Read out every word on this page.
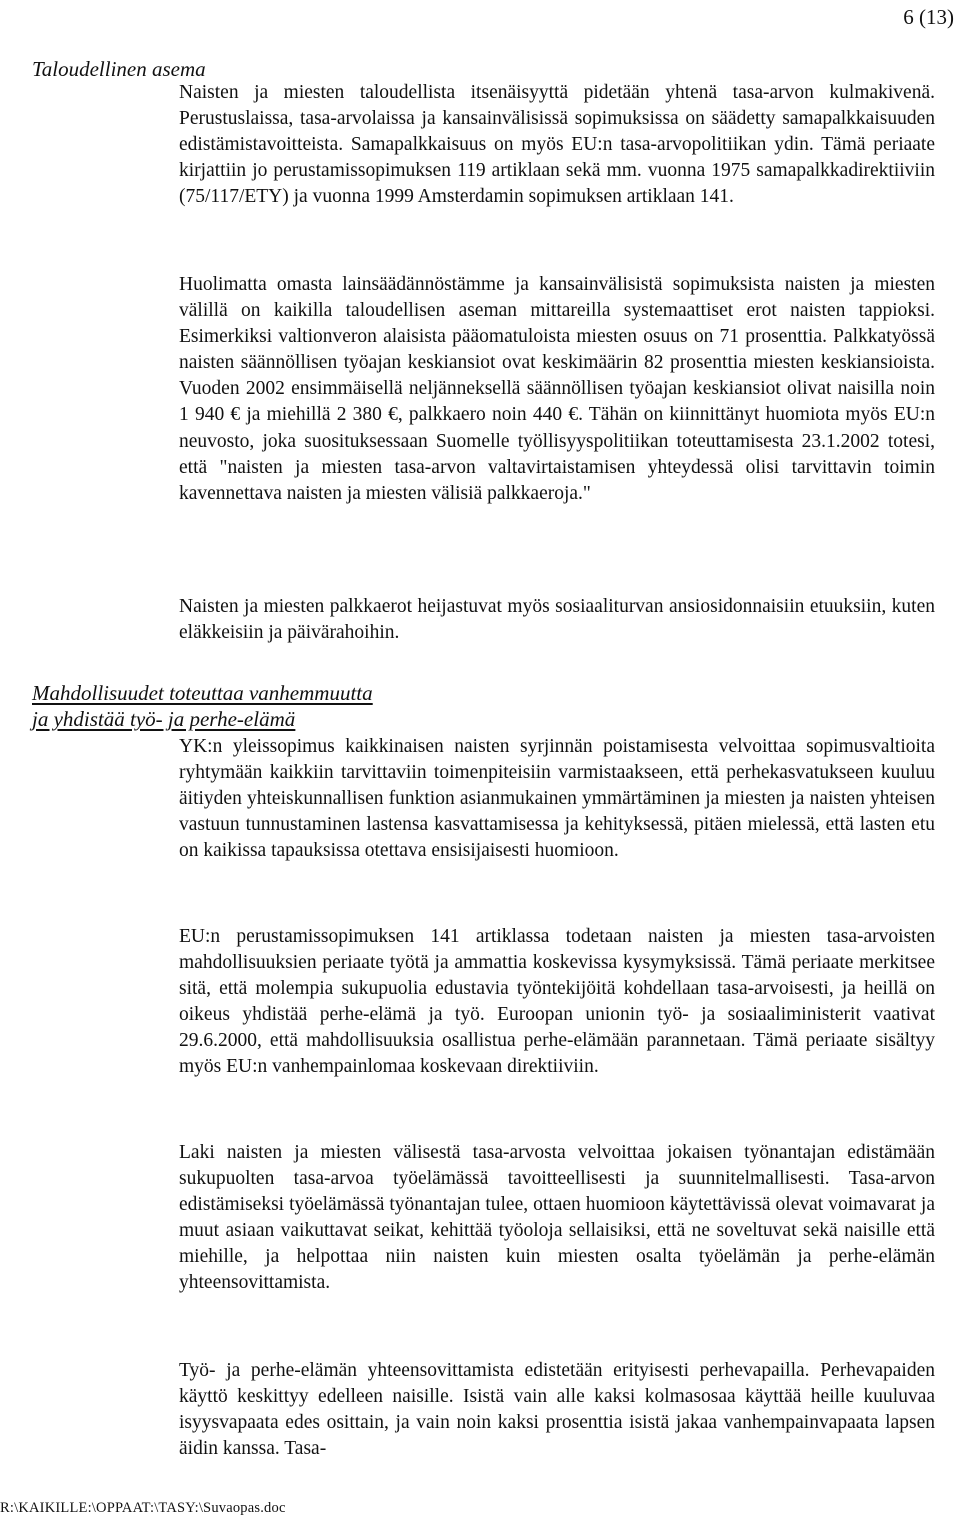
6 (13)
Taloudellinen asema

Naisten ja miesten taloudellista itsenäisyyttä pidetään yhtenä tasa-arvon kulmakivenä. Perustuslaissa, tasa-arvolaissa ja kansainvälisissä sopimuksissa on säädetty samapalkkaisuuden edistämistavoitteista. Samapalkkaisuus on myös EU:n tasa-arvopolitiikan ydin. Tämä periaate kirjattiin jo perustamissopimuksen 119 artiklaan sekä mm. vuonna 1975 samapalkkadirektiiviin (75/117/ETY) ja vuonna 1999 Amsterdamin sopimuksen artiklaan 141.

Huolimatta omasta lainsäädännöstämme ja kansainvälisistä sopimuksista naisten ja miesten välillä on kaikilla taloudellisen aseman mittareilla systemaattiset erot naisten tappioksi. Esimerkiksi valtionveron alaisista pääomatuloista miesten osuus on 71 prosenttia. Palkkatyössä naisten säännöllisen työajan keskiansiot ovat keskimäärin 82 prosenttia miesten keskiansioista. Vuoden 2002 ensimmäisellä neljänneksellä säännöllisen työajan keskiansiot olivat naisilla noin 1 940 € ja miehillä 2 380 €, palkkaero noin 440 €. Tähän on kiinnittänyt huomiota myös EU:n neuvosto, joka suosituksessaan Suomelle työllisyyspolitiikan toteuttamisesta 23.1.2002 totesi, että "naisten ja miesten tasa-arvon valtavirtaistamisen yhteydessä olisi tarvittavin toimin kavennettava naisten ja miesten välisiä palkkaeroja."

Naisten ja miesten palkkaerot heijastuvat myös sosiaaliturvan ansiosidonnaisiin etuuksiin, kuten eläkkeisiin ja päivärahoihin.

Mahdollisuudet toteuttaa vanhemmuutta
ja yhdistää työ- ja perhe-elämä

YK:n yleissopimus kaikkinaisen naisten syrjinnän poistamisesta velvoittaa sopimusvaltioita ryhtymään kaikkiin tarvittaviin toimenpiteisiin varmistaakseen, että perhekasvatukseen kuuluu äitiyden yhteiskunnallisen funktion asianmukainen ymmärtäminen ja miesten ja naisten yhteisen vastuun tunnustaminen lastensa kasvattamisessa ja kehityksessä, pitäen mielessä, että lasten etu on kaikissa tapauksissa otettava ensisijaisesti huomioon.

EU:n perustamissopimuksen 141 artiklassa todetaan naisten ja miesten tasa-arvoisten mahdollisuuksien periaate työtä ja ammattia koskevissa kysymyksissä. Tämä periaate merkitsee sitä, että molempia sukupuolia edustavia työntekijöitä kohdellaan tasa-arvoisesti, ja heillä on oikeus yhdistää perhe-elämä ja työ. Euroopan unionin työ- ja sosiaaliministerit vaativat 29.6.2000, että mahdollisuuksia osallistua perhe-elämään parannetaan. Tämä periaate sisältyy myös EU:n vanhempainlomaa koskevaan direktiiviin.

Laki naisten ja miesten välisestä tasa-arvosta velvoittaa jokaisen työnantajan edistämään sukupuolten tasa-arvoa työelämässä tavoitteellisesti ja suunnitelmallisesti. Tasa-arvon edistämiseksi työelämässä työnantajan tulee, ottaen huomioon käytettävissä olevat voimavarat ja muut asiaan vaikuttavat seikat, kehittää työoloja sellaisiksi, että ne soveltuvat sekä naisille että miehille, ja helpottaa niin naisten kuin miesten osalta työelämän ja perhe-elämän yhteensovittamista.

Työ- ja perhe-elämän yhteensovittamista edistetään erityisesti perhevapailla. Perhevapaiden käyttö keskittyy edelleen naisille. Isistä vain alle kaksi kolmasosaa käyttää heille kuuluvaa isyysvapaata edes osittain, ja vain noin kaksi prosenttia isistä jakaa vanhempainvapaata lapsen äidin kanssa. Tasa-

R:\KAIKILLE:\OPPAAT:\TASY:\Suvaopas.doc
